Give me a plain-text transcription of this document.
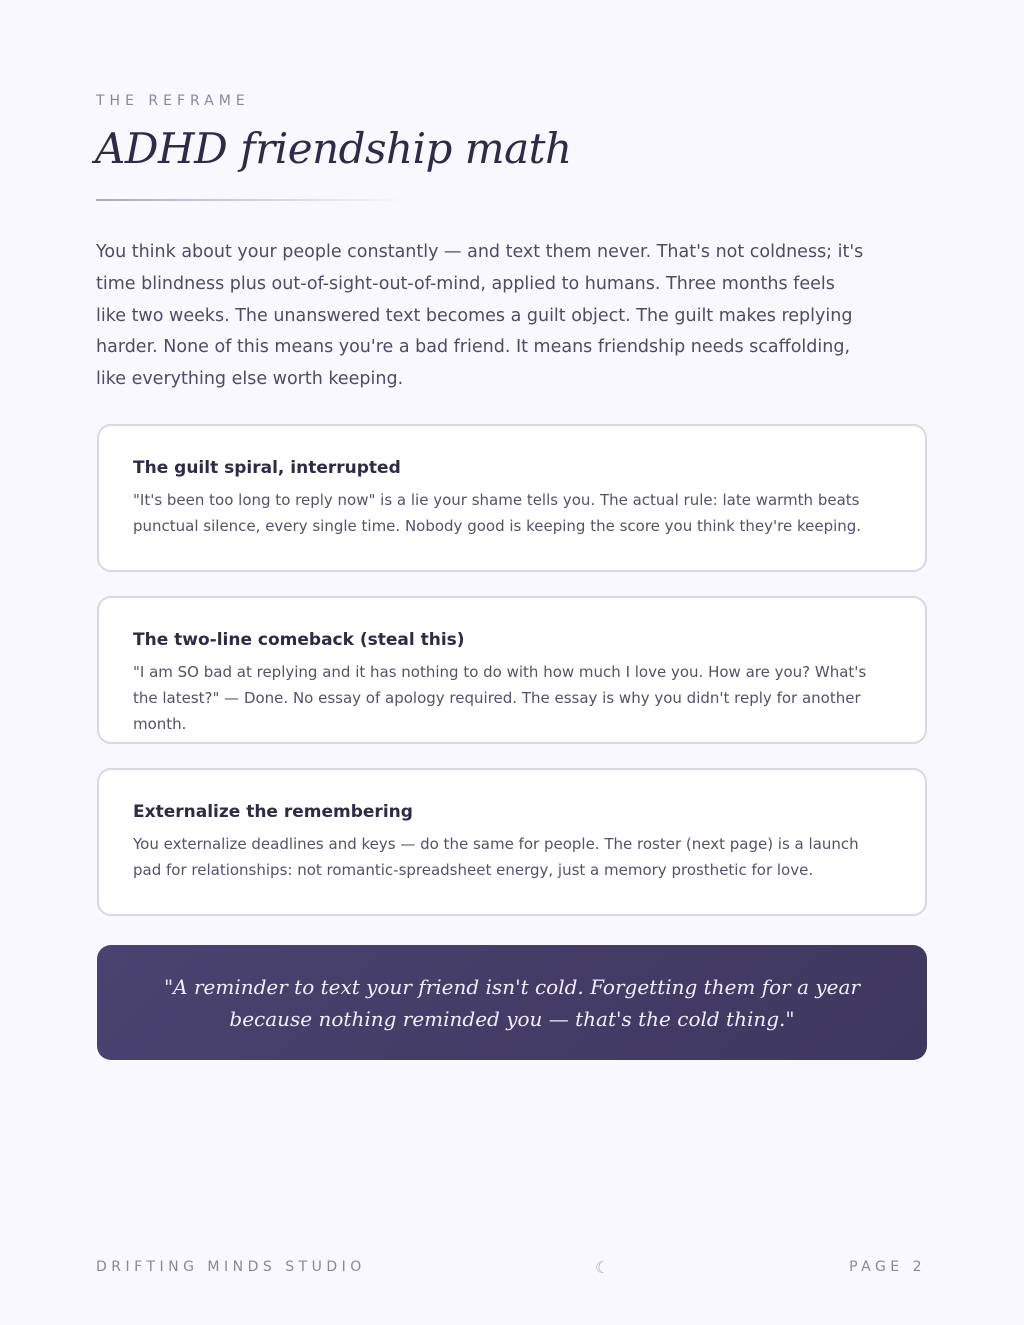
THE REFRAME
ADHD friendship math

You think about your people constantly — and text them never. That's not coldness; it's time blindness plus out-of-sight-out-of-mind, applied to humans. Three months feels like two weeks. The unanswered text becomes a guilt object. The guilt makes replying harder. None of this means you're a bad friend. It means friendship needs scaffolding, like everything else worth keeping.

The guilt spiral, interrupted

"It's been too long to reply now" is a lie your shame tells you. The actual rule: late warmth beats punctual silence, every single time. Nobody good is keeping the score you think they're keeping.

The two-line comeback (steal this)

"I am SO bad at replying and it has nothing to do with how much I love you. How are you? What's the latest?" — Done. No essay of apology required. The essay is why you didn't reply for another month.

Externalize the remembering

You externalize deadlines and keys — do the same for people. The roster (next page) is a launch pad for relationships: not romantic-spreadsheet energy, just a memory prosthetic for love.

"A reminder to text your friend isn't cold. Forgetting them for a year because nothing reminded you — that's the cold thing."

DRIFTING MINDS STUDIO	☾	PAGE 2
